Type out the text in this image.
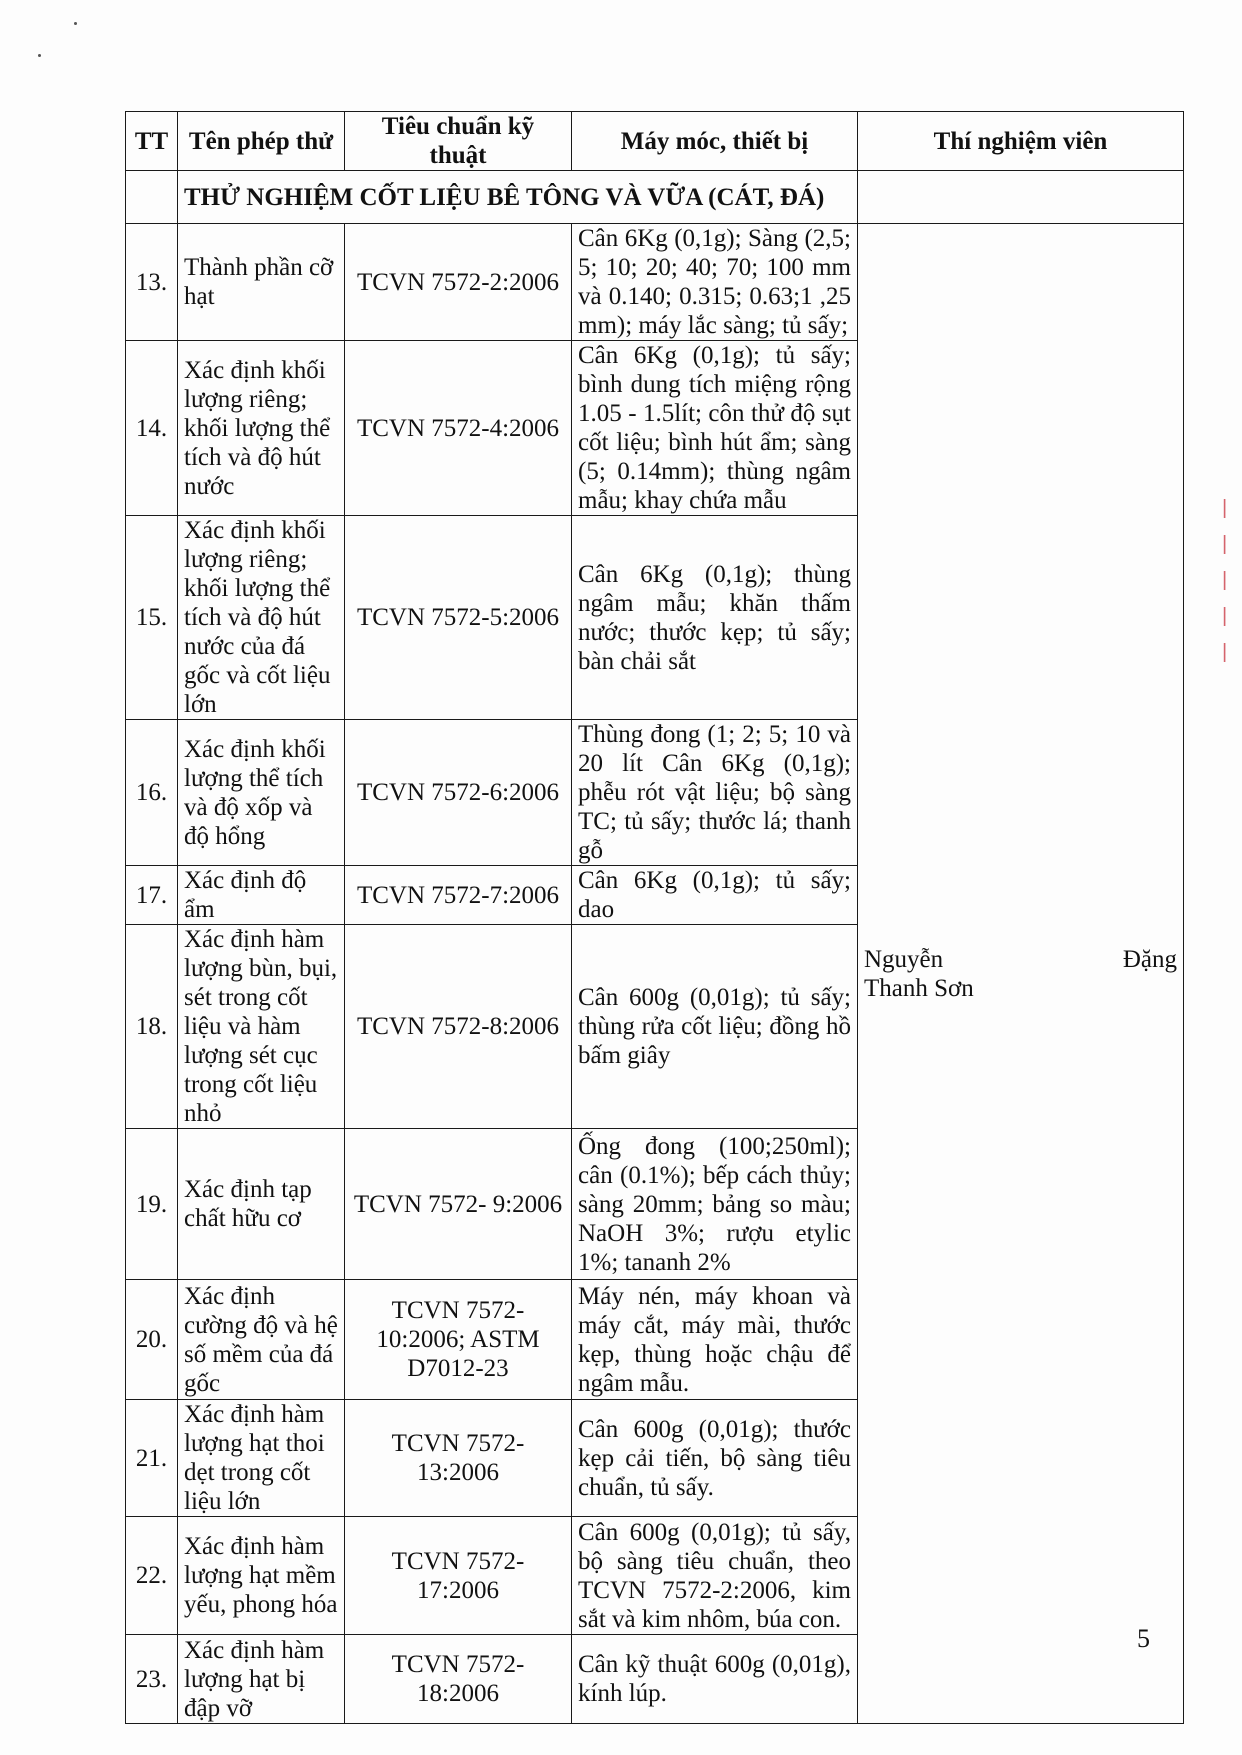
TT	Tên phép thử	Tiêu chuẩn kỹ thuật	Máy móc, thiết bị	Thí nghiệm viên
	THỬ NGHIỆM CỐT LIỆU BÊ TÔNG VÀ VỮA (CÁT, ĐÁ)			
13.	Thành phần cỡ hạt	TCVN 7572-2:2006	Cân 6Kg (0,1g); Sàng (2,5; 5; 10; 20; 40; 70; 100 mm và 0.140; 0.315; 0.63;1 ,25 mm); máy lắc sàng; tủ sấy;	Nguyễn Đặng
Thanh Sơn

14.	Xác định khối lượng riêng; khối lượng thể tích và độ hút nước	TCVN 7572-4:2006	Cân 6Kg (0,1g); tủ sấy; bình dung tích miệng rộng 1.05 - 1.5lít; côn thử độ sụt cốt liệu; bình hút ẩm; sàng (5; 0.14mm); thùng ngâm mẫu; khay chứa mẫu	
15.	Xác định khối lượng riêng; khối lượng thể tích và độ hút nước của đá gốc và cốt liệu lớn	TCVN 7572-5:2006	Cân 6Kg (0,1g); thùng ngâm mẫu; khăn thấm nước; thước kẹp; tủ sấy; bàn chải sắt	
16.	Xác định khối lượng thể tích và độ xốp và độ hổng	TCVN 7572-6:2006	Thùng đong (1; 2; 5; 10 và 20 lít Cân 6Kg (0,1g); phễu rót vật liệu; bộ sàng TC; tủ sấy; thước lá; thanh gỗ	
17.	Xác định độ ẩm	TCVN 7572-7:2006	Cân 6Kg (0,1g); tủ sấy; dao	
18.	Xác định hàm lượng bùn, bụi, sét trong cốt liệu và hàm lượng sét cục trong cốt liệu nhỏ	TCVN 7572-8:2006	Cân 600g (0,01g); tủ sấy; thùng rửa cốt liệu; đồng hồ bấm giây	
19.	Xác định tạp chất hữu cơ	TCVN 7572- 9:2006	Ống đong (100;250ml); cân (0.1%); bếp cách thủy; sàng 20mm; bảng so màu; NaOH 3%; rượu etylic 1%; tananh 2%	
20.	Xác định cường độ và hệ số mềm của đá gốc	TCVN 7572-10:2006; ASTM D7012-23	Máy nén, máy khoan và máy cắt, máy mài, thước kẹp, thùng hoặc chậu để ngâm mẫu.	
21.	Xác định hàm lượng hạt thoi dẹt trong cốt liệu lớn	TCVN 7572-13:2006	Cân 600g (0,01g); thước kẹp cải tiến, bộ sàng tiêu chuẩn, tủ sấy.	
22.	Xác định hàm lượng hạt mềm yếu, phong hóa	TCVN 7572-17:2006	Cân 600g (0,01g); tủ sấy, bộ sàng tiêu chuẩn, theo TCVN 7572-2:2006, kim sắt và kim nhôm, búa con.	
23.	Xác định hàm lượng hạt bị đập vỡ	TCVN 7572-18:2006	Cân kỹ thuật 600g (0,01g), kính lúp.	
|
|
|
|
|
5
